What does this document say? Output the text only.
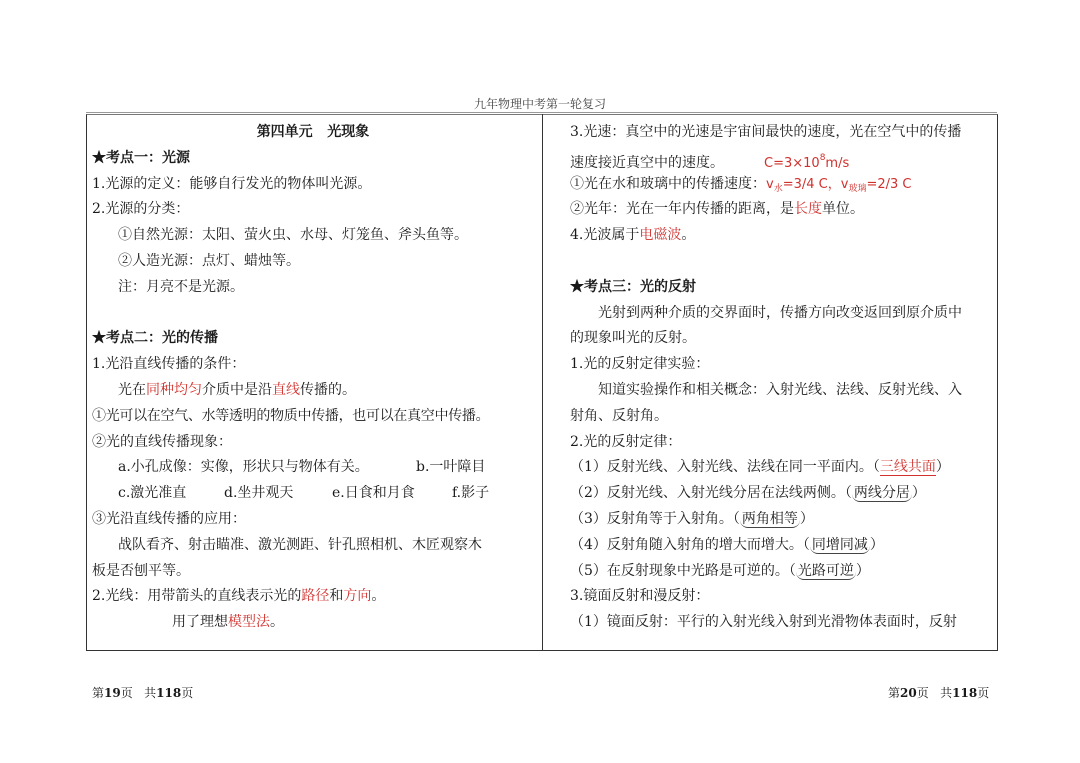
九年物理中考第一轮复习
第四单元   光现象
★考点一：光源
1.光源的定义：能够自行发光的物体叫光源。
2.光源的分类：
①自然光源：太阳、萤火虫、水母、灯笼鱼、斧头鱼等。
②人造光源：点灯、蜡烛等。
注：月亮不是光源。
★考点二：光的传播
1.光沿直线传播的条件：
光在同种均匀介质中是沿直线传播的。
①光可以在空气、水等透明的物质中传播，也可以在真空中传播。
②光的直线传播现象：
a.小孔成像：实像，形状只与物体有关。	b.一叶障目
c.激光准直	d.坐井观天	e.日食和月食	f.影子
③光沿直线传播的应用：
战队看齐、射击瞄准、激光测距、针孔照相机、木匠观察木
板是否刨平等。
2.光线：用带箭头的直线表示光的路径和方向。
用了理想模型法。
3.光速：真空中的光速是宇宙间最快的速度，光在空气中的传播
速度接近真空中的速度。	$C=3\times 10^8m/s$
①光在水和玻璃中的传播速度：$v_水=3/4$ C，$v_{玻璃}=2/3$ C
②光年：光在一年内传播的距离，是长度单位。
4.光波属于电磁波。
★考点三：光的反射
光射到两种介质的交界面时，传播方向改变返回到原介质中
的现象叫光的反射。
1.光的反射定律实验：
知道实验操作和相关概念：入射光线、法线、反射光线、入
射角、反射角。
2.光的反射定律：
（1）反射光线、入射光线、法线在同一平面内。（三线共面）
（2）反射光线、入射光线分居在法线两侧。（ 两线分居 ）
（3）反射角等于入射角。（ 两角相等 ）
（4）反射角随入射角的增大而增大。（ 同增同减 ）
（5）在反射现象中光路是可逆的。（ 光路可逆 ）
3.镜面反射和漫反射：
（1）镜面反射：平行的入射光线入射到光滑物体表面时，反射
第19页   共118页	第20页   共118页
